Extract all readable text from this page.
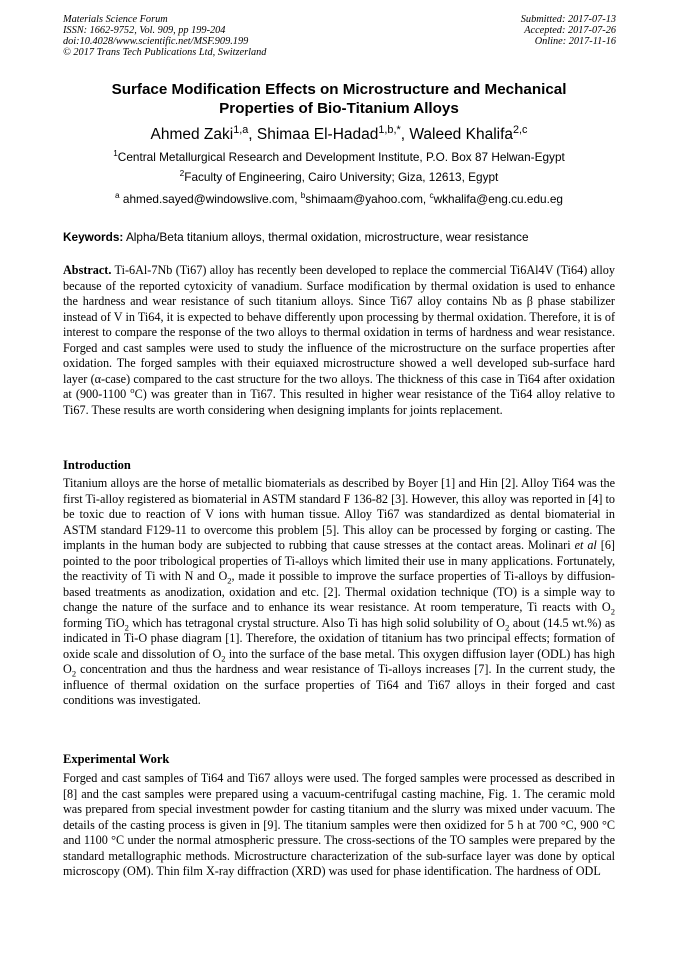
Materials Science Forum
ISSN: 1662-9752, Vol. 909, pp 199-204
doi:10.4028/www.scientific.net/MSF.909.199
© 2017 Trans Tech Publications Ltd, Switzerland
Submitted: 2017-07-13
Accepted: 2017-07-26
Online: 2017-11-16
Surface Modification Effects on Microstructure and Mechanical
Properties of Bio-Titanium Alloys
Ahmed Zaki$^{1,a}$, Shimaa El-Hadad$^{1,b,*}$, Waleed Khalifa$^{2,c}$
$^1$Central Metallurgical Research and Development Institute, P.O. Box 87 Helwan-Egypt
$^2$Faculty of Engineering, Cairo University; Giza, 12613, Egypt
$^a$ ahmed.sayed@windowslive.com, $^b$shimaam@yahoo.com, $^c$wkhalifa@eng.cu.edu.eg
Keywords: Alpha/Beta titanium alloys, thermal oxidation, microstructure, wear resistance
Abstract. Ti-6Al-7Nb (Ti67) alloy has recently been developed to replace the commercial Ti6Al4V (Ti64) alloy because of the reported cytoxicity of vanadium. Surface modification by thermal oxidation is used to enhance the hardness and wear resistance of such titanium alloys. Since Ti67 alloy contains Nb as β phase stabilizer instead of V in Ti64, it is expected to behave differently upon processing by thermal oxidation. Therefore, it is of interest to compare the response of the two alloys to thermal oxidation in terms of hardness and wear resistance. Forged and cast samples were used to study the influence of the microstructure on the surface properties after oxidation. The forged samples with their equiaxed microstructure showed a well developed sub-surface hard layer (α-case) compared to the cast structure for the two alloys. The thickness of this case in Ti64 after oxidation at (900-1100 $^o$C) was greater than in Ti67. This resulted in higher wear resistance of the Ti64 alloy relative to Ti67. These results are worth considering when designing implants for joints replacement.
Introduction
Titanium alloys are the horse of metallic biomaterials as described by Boyer [1] and Hin [2]. Alloy Ti64 was the first Ti-alloy registered as biomaterial in ASTM standard F 136-82 [3]. However, this alloy was reported in [4] to be toxic due to reaction of V ions with human tissue. Alloy Ti67 was standardized as dental biomaterial in ASTM standard F129-11 to overcome this problem [5]. This alloy can be processed by forging or casting. The implants in the human body are subjected to rubbing that cause stresses at the contact areas. Molinari et al [6] pointed to the poor tribological properties of Ti-alloys which limited their use in many applications. Fortunately, the reactivity of Ti with N and $O_2$, made it possible to improve the surface properties of Ti-alloys by diffusion-based treatments as anodization, oxidation and etc. [2]. Thermal oxidation technique (TO) is a simple way to change the nature of the surface and to enhance its wear resistance. At room temperature, Ti reacts with $O_2$ forming TiO$_2$ which has tetragonal crystal structure. Also Ti has high solid solubility of $O_2$ about (14.5 wt.%) as indicated in Ti-O phase diagram [1]. Therefore, the oxidation of titanium has two principal effects; formation of oxide scale and dissolution of $O_2$ into the surface of the base metal. This oxygen diffusion layer (ODL) has high $O_2$ concentration and thus the hardness and wear resistance of Ti-alloys increases [7]. In the current study, the influence of thermal oxidation on the surface properties of Ti64 and Ti67 alloys in their forged and cast conditions was investigated.
Experimental Work
Forged and cast samples of Ti64 and Ti67 alloys were used. The forged samples were processed as described in [8] and the cast samples were prepared using a vacuum-centrifugal casting machine, Fig. 1. The ceramic mold was prepared from special investment powder for casting titanium and the slurry was mixed under vacuum. The details of the casting process is given in [9]. The titanium samples were then oxidized for 5 h at 700 °C, 900 °C and 1100 °C under the normal atmospheric pressure. The cross-sections of the TO samples were prepared by the standard metallographic methods. Microstructure characterization of the sub-surface layer was done by optical microscopy (OM). Thin film X-ray diffraction (XRD) was used for phase identification. The hardness of ODL
